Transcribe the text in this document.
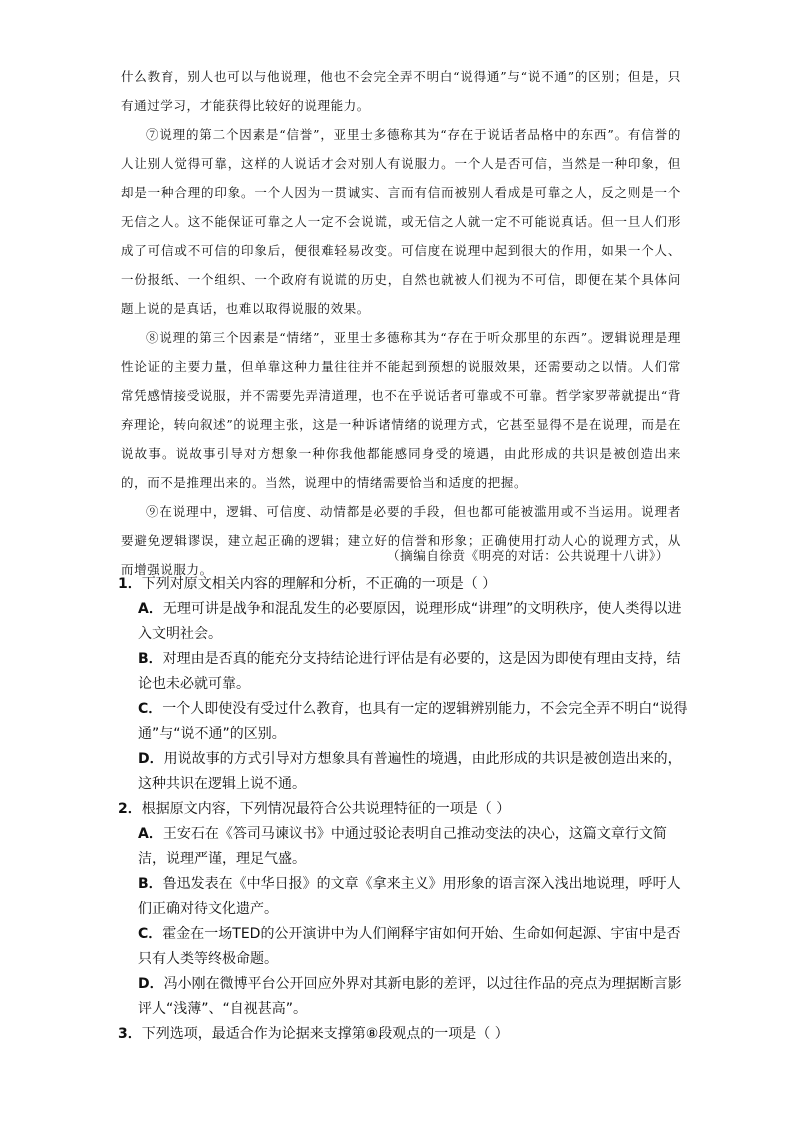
什么教育，别人也可以与他说理，他也不会完全弄不明白“说得通”与“说不通”的区别；但是，只有通过学习，才能获得比较好的说理能力。

⑦说理的第二个因素是“信誉”，亚里士多德称其为“存在于说话者品格中的东西”。有信誉的人让别人觉得可靠，这样的人说话才会对别人有说服力。一个人是否可信，当然是一种印象，但却是一种合理的印象。一个人因为一贯诚实、言而有信而被别人看成是可靠之人，反之则是一个无信之人。这不能保证可靠之人一定不会说谎，或无信之人就一定不可能说真话。但一旦人们形成了可信或不可信的印象后，便很难轻易改变。可信度在说理中起到很大的作用，如果一个人、一份报纸、一个组织、一个政府有说谎的历史，自然也就被人们视为不可信，即便在某个具体问题上说的是真话，也难以取得说服的效果。

⑧说理的第三个因素是“情绪”，亚里士多德称其为“存在于听众那里的东西”。逻辑说理是理性论证的主要力量，但单靠这种力量往往并不能起到预想的说服效果，还需要动之以情。人们常常凭感情接受说服，并不需要先弄清道理，也不在乎说话者可靠或不可靠。哲学家罗蒂就提出“背弃理论，转向叙述”的说理主张，这是一种诉诸情绪的说理方式，它甚至显得不是在说理，而是在说故事。说故事引导对方想象一种你我他都能感同身受的境遇，由此形成的共识是被创造出来的，而不是推理出来的。当然，说理中的情绪需要恰当和适度的把握。

⑨在说理中，逻辑、可信度、动情都是必要的手段，但也都可能被滥用或不当运用。说理者要避免逻辑谬误，建立起正确的逻辑；建立好的信誉和形象；正确使用打动人心的说理方式，从而增强说服力。

（摘编自徐贲《明亮的对话：公共说理十八讲》）

1．下列对原文相关内容的理解和分析，不正确的一项是（ ）

A．无理可讲是战争和混乱发生的必要原因，说理形成“讲理”的文明秩序，使人类得以进入文明社会。

B．对理由是否真的能充分支持结论进行评估是有必要的，这是因为即使有理由支持，结论也未必就可靠。

C．一个人即使没有受过什么教育，也具有一定的逻辑辨别能力，不会完全弄不明白“说得通”与“说不通”的区别。

D．用说故事的方式引导对方想象具有普遍性的境遇，由此形成的共识是被创造出来的，这种共识在逻辑上说不通。

2．根据原文内容，下列情况最符合公共说理特征的一项是（ ）

A．王安石在《答司马谏议书》中通过驳论表明自己推动变法的决心，这篇文章行文简洁，说理严谨，理足气盛。

B．鲁迅发表在《中华日报》的文章《拿来主义》用形象的语言深入浅出地说理，呼吁人们正确对待文化遗产。

C．霍金在一场TED的公开演讲中为人们阐释宇宙如何开始、生命如何起源、宇宙中是否只有人类等终极命题。

D．冯小刚在微博平台公开回应外界对其新电影的差评，以过往作品的亮点为理据断言影评人“浅薄”、“自视甚高”。

3．下列选项，最适合作为论据来支撑第⑧段观点的一项是（ ）
